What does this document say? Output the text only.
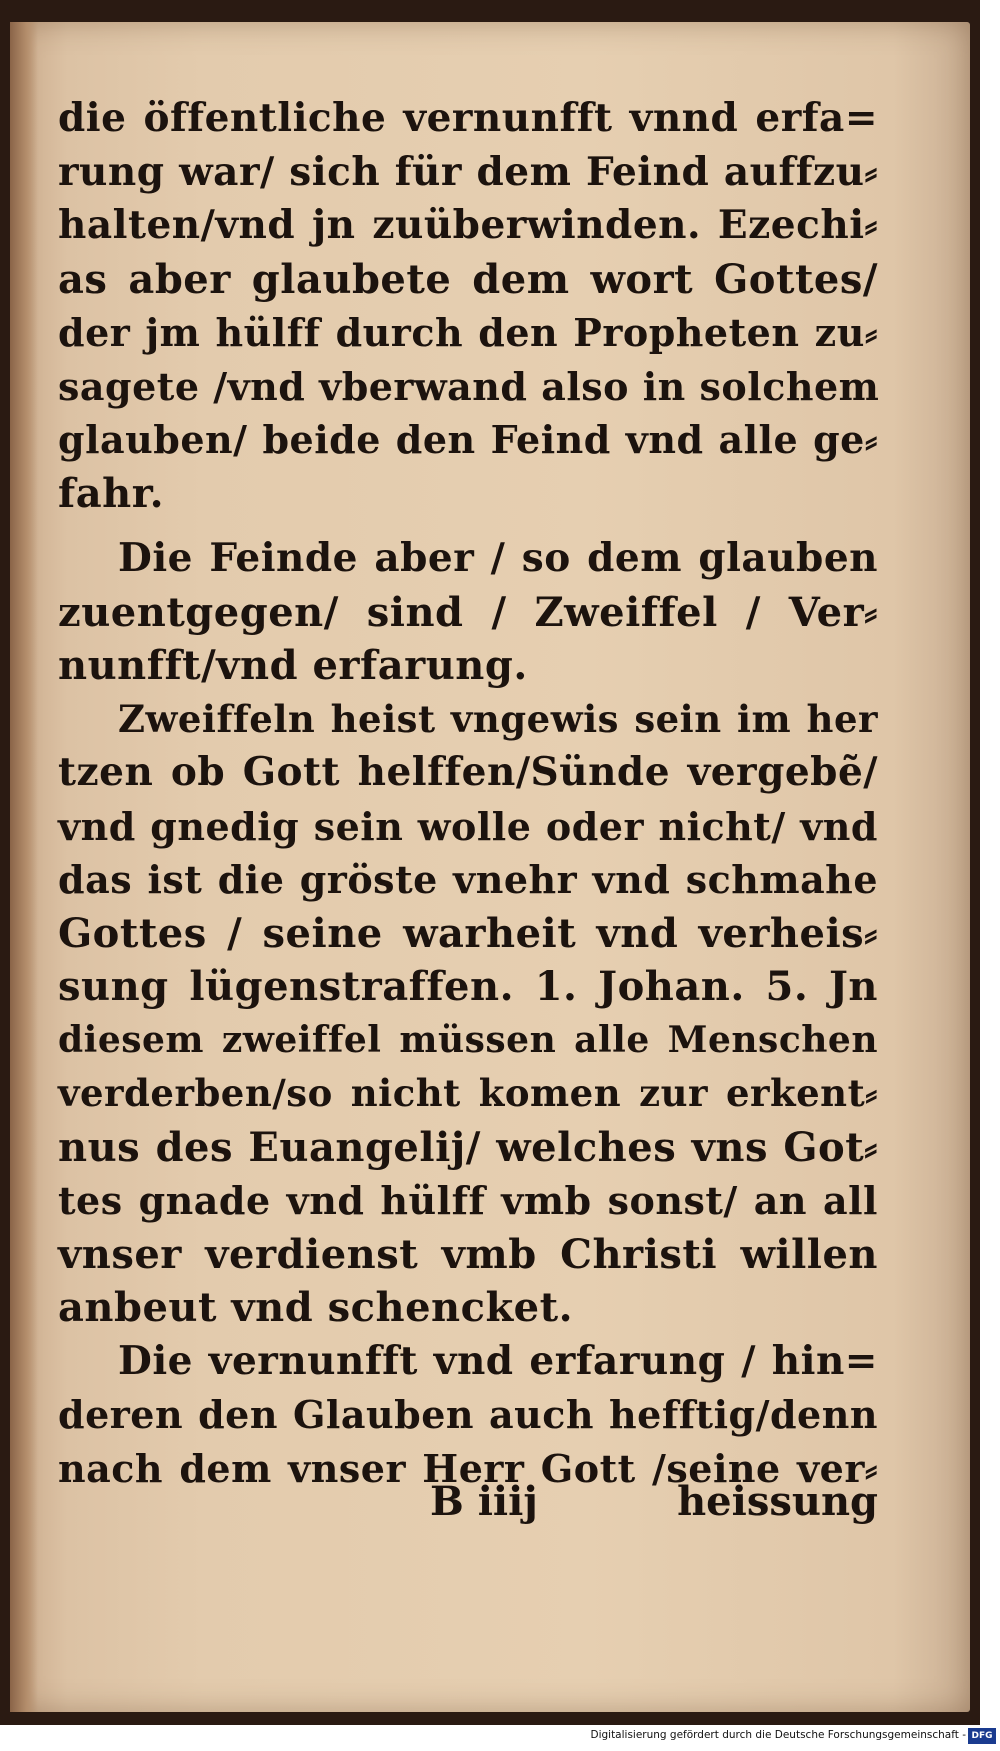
die öffentliche vernunfft vnnd erfa=
rung war/ sich für dem Feind auffzu⸗
halten/vnd jn zuüberwinden. Ezechi⸗
as aber glaubete dem wort Gottes/
der jm hülff durch den Propheten zu⸗
sagete /vnd vberwand also in solchem
glauben/ beide den Feind vnd alle ge⸗
fahr.
Die Feinde aber / so dem glauben
zuentgegen/ sind / Zweiffel / Ver⸗
nunfft/vnd erfarung.
Zweiffeln heist vngewis sein im her
tzen ob Gott helffen/Sünde vergebẽ/
vnd gnedig sein wolle oder nicht/ vnd
das ist die gröste vnehr vnd schmahe
Gottes / seine warheit vnd verheis⸗
sung lügenstraffen. 1. Johan. 5. Jn
diesem zweiffel müssen alle Menschen
verderben/so nicht komen zur erkent⸗
nus des Euangelij/ welches vns Got⸗
tes gnade vnd hülff vmb sonst/ an all
vnser verdienst vmb Christi willen
anbeut vnd schencket.
Die vernunfft vnd erfarung / hin=
deren den Glauben auch hefftig/denn
nach dem vnser Herr Gott /seine ver⸗
B iiij	heissung
Digitalisierung gefördert durch die Deutsche Forschungsgemeinschaft - DFG
